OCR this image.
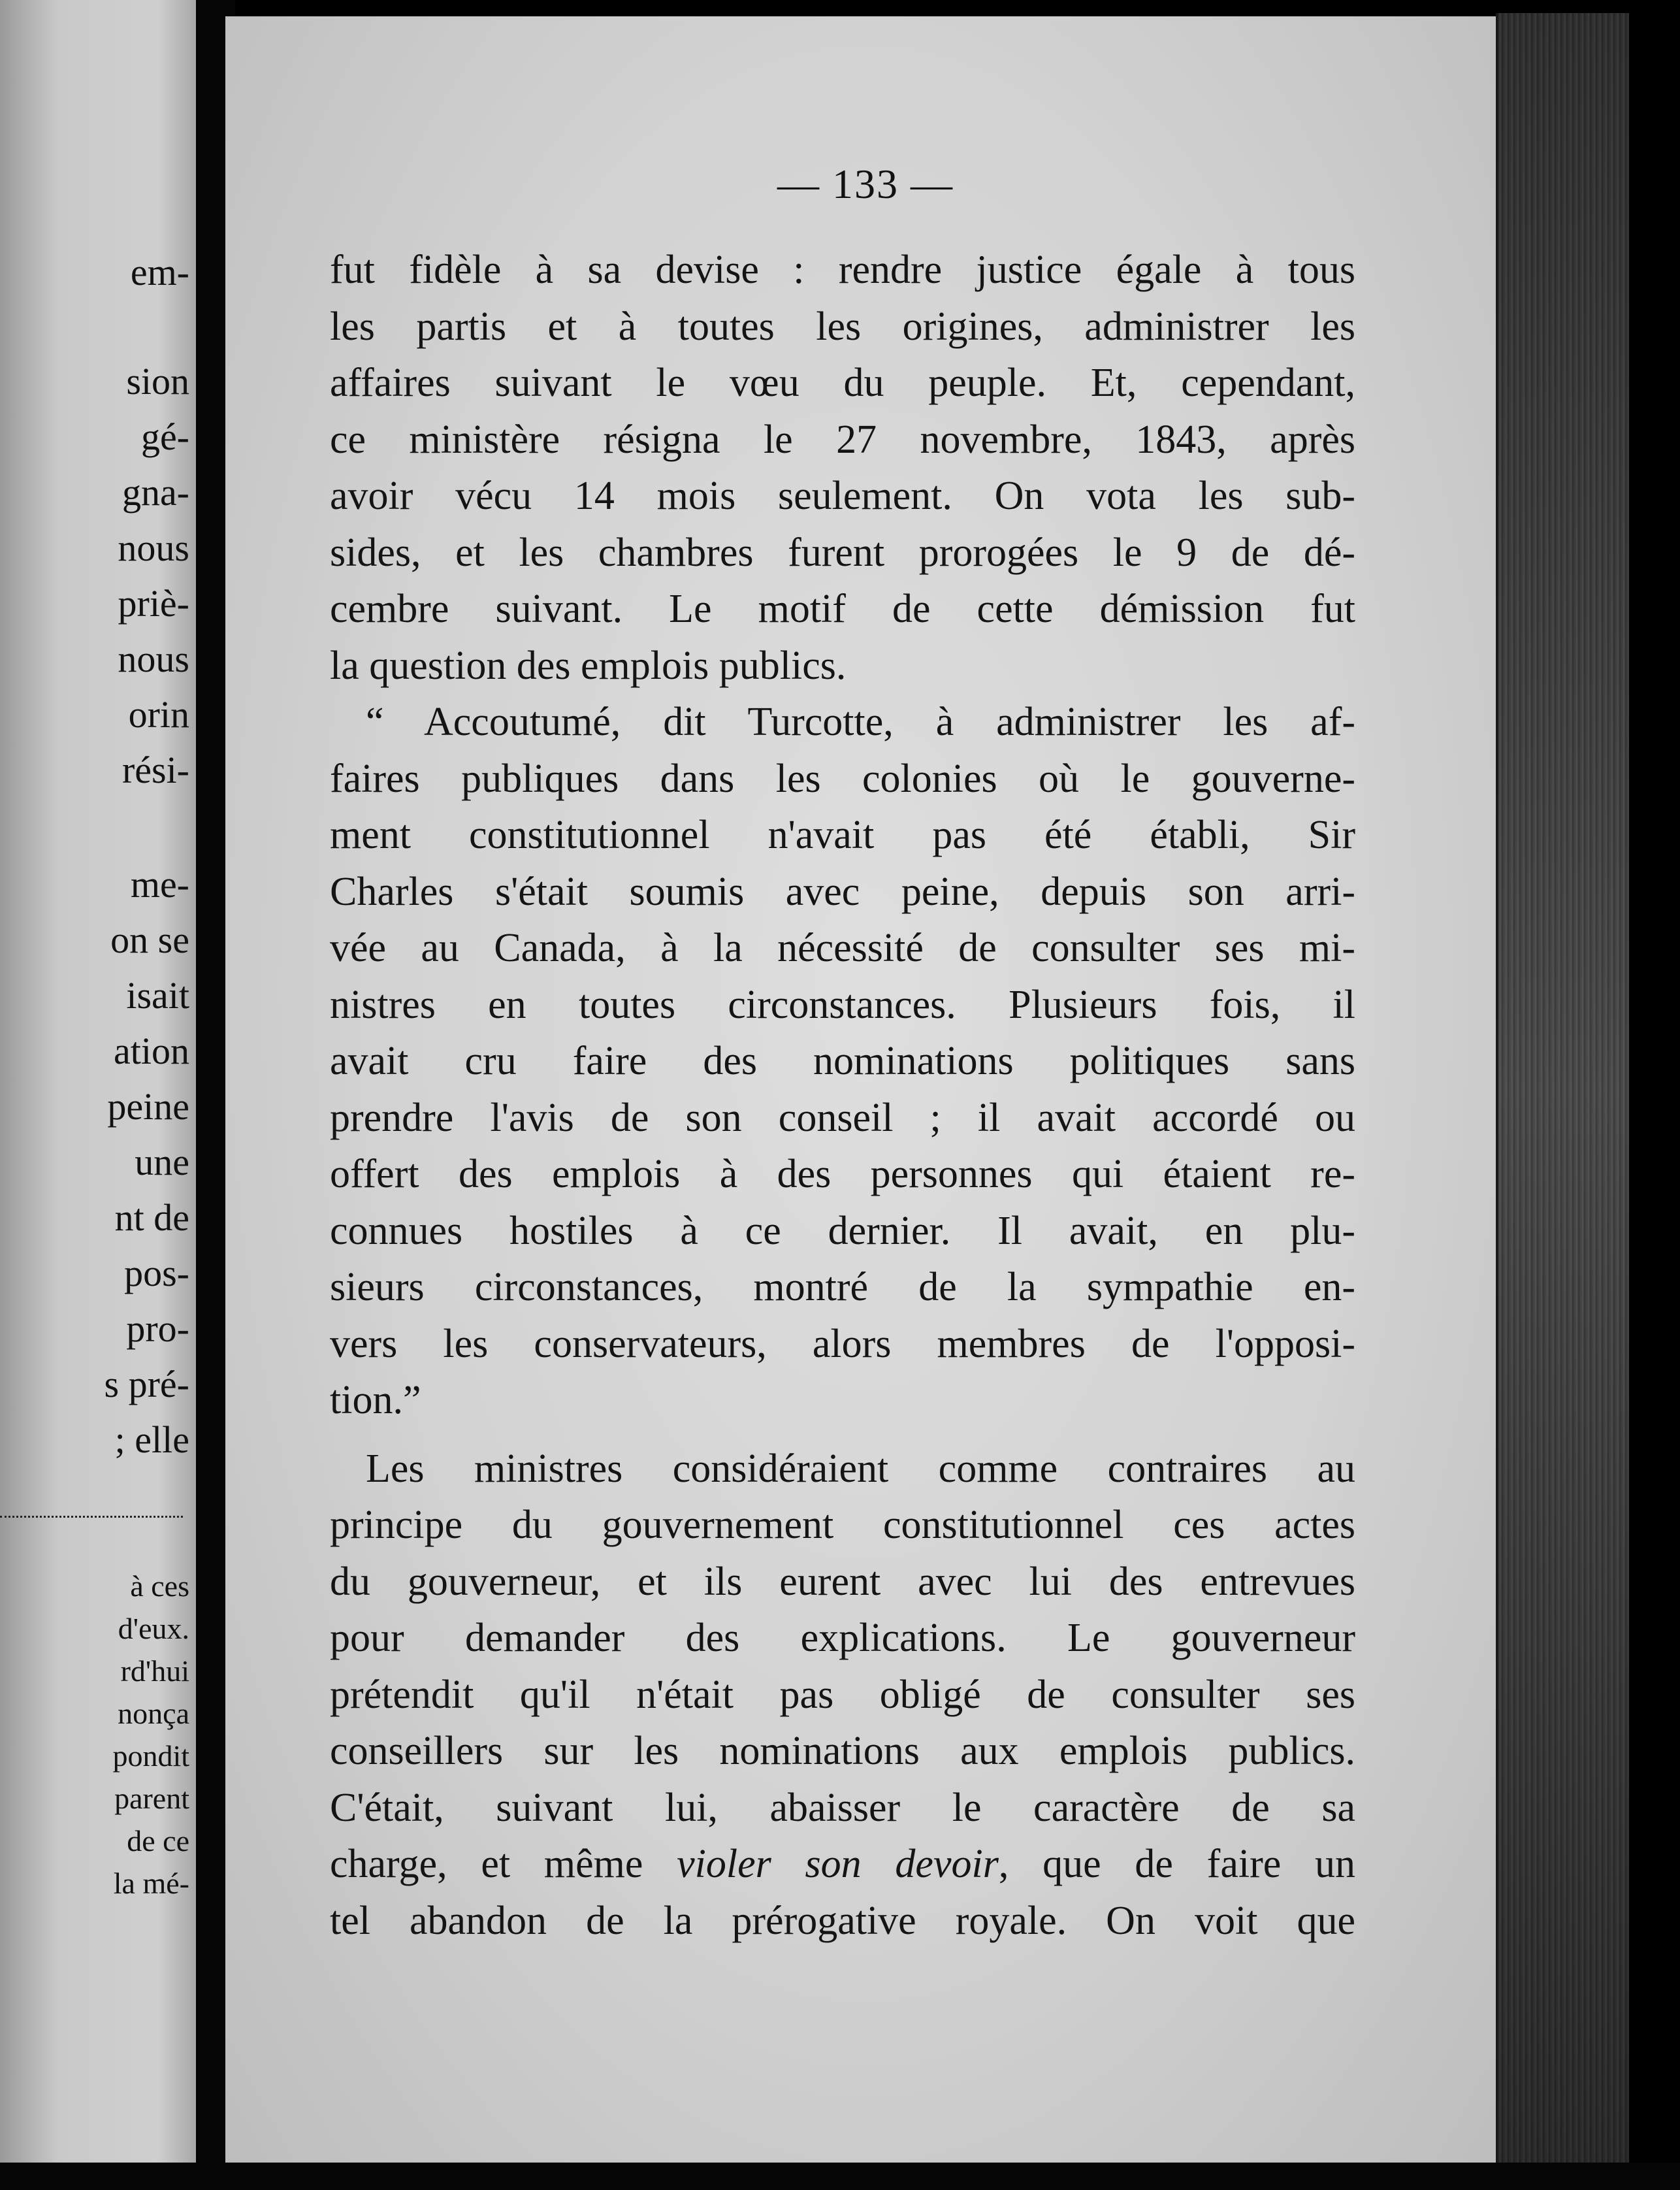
em-
sion
gé-
gna-
nous
priè-
nous
orin
rési-
me-
on se
isait
ation
peine
une
nt de
pos-
pro-
s pré-
; elle
à ces
d'eux.
rd'hui
nonça
pondit
parent
de ce
la mé-
— 133 —
fut fidèle à sa devise : rendre justice égale à tous
les partis et à toutes les origines, administrer les
affaires suivant le vœu du peuple. Et, cependant,
ce ministère résigna le 27 novembre, 1843, après
avoir vécu 14 mois seulement. On vota les sub-
sides, et les chambres furent prorogées le 9 de dé-
cembre suivant. Le motif de cette démission fut
la question des emplois publics.
“ Accoutumé, dit Turcotte, à administrer les af-
faires publiques dans les colonies où le gouverne-
ment constitutionnel n'avait pas été établi, Sir
Charles s'était soumis avec peine, depuis son arri-
vée au Canada, à la nécessité de consulter ses mi-
nistres en toutes circonstances. Plusieurs fois, il
avait cru faire des nominations politiques sans
prendre l'avis de son conseil ; il avait accordé ou
offert des emplois à des personnes qui étaient re-
connues hostiles à ce dernier. Il avait, en plu-
sieurs circonstances, montré de la sympathie en-
vers les conservateurs, alors membres de l'opposi-
tion.”
Les ministres considéraient comme contraires au
principe du gouvernement constitutionnel ces actes
du gouverneur, et ils eurent avec lui des entrevues
pour demander des explications. Le gouverneur
prétendit qu'il n'était pas obligé de consulter ses
conseillers sur les nominations aux emplois publics.
C'était, suivant lui, abaisser le caractère de sa
charge, et même violer son devoir, que de faire un
tel abandon de la prérogative royale. On voit que
